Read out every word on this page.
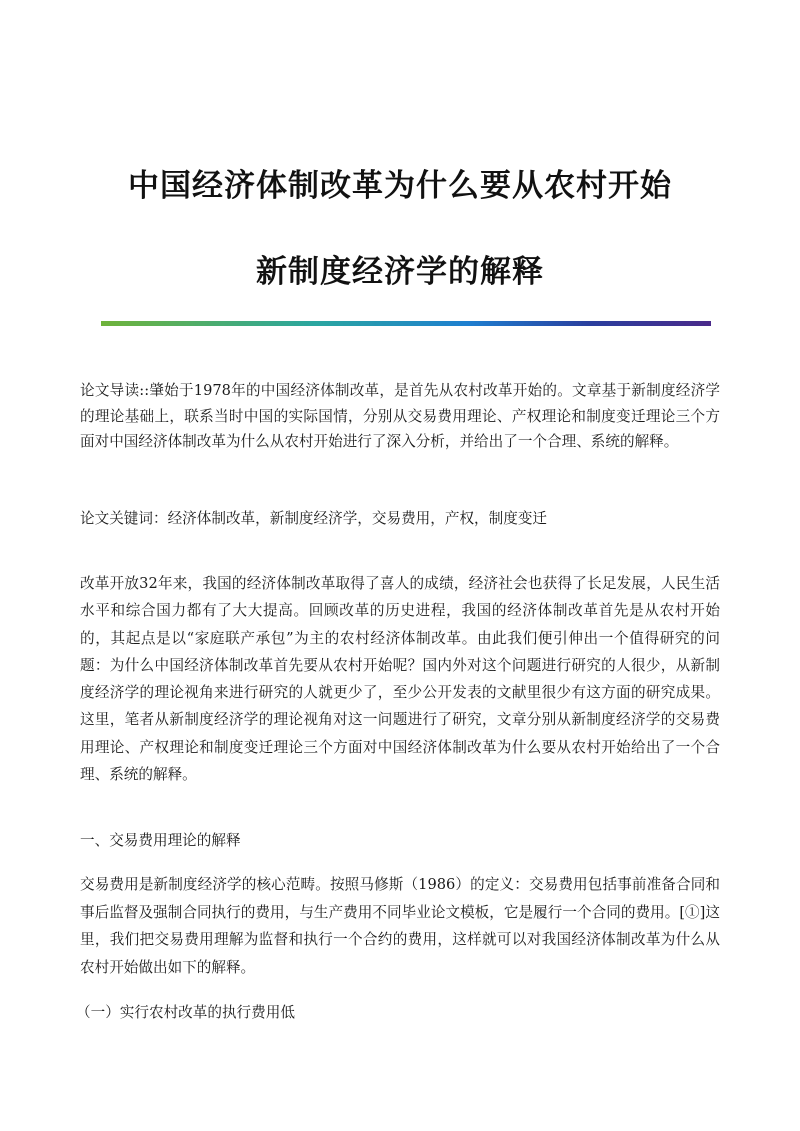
中国经济体制改革为什么要从农村开始
新制度经济学的解释
论文导读::肇始于1978年的中国经济体制改革，是首先从农村改革开始的。文章基于新制度经济学的理论基础上，联系当时中国的实际国情，分别从交易费用理论、产权理论和制度变迁理论三个方面对中国经济体制改革为什么从农村开始进行了深入分析，并给出了一个合理、系统的解释。
论文关键词：经济体制改革，新制度经济学，交易费用，产权，制度变迁
改革开放32年来，我国的经济体制改革取得了喜人的成绩，经济社会也获得了长足发展，人民生活水平和综合国力都有了大大提高。回顾改革的历史进程，我国的经济体制改革首先是从农村开始的，其起点是以“家庭联产承包”为主的农村经济体制改革。由此我们便引伸出一个值得研究的问题：为什么中国经济体制改革首先要从农村开始呢？国内外对这个问题进行研究的人很少，从新制度经济学的理论视角来进行研究的人就更少了，至少公开发表的文献里很少有这方面的研究成果。这里，笔者从新制度经济学的理论视角对这一问题进行了研究，文章分别从新制度经济学的交易费用理论、产权理论和制度变迁理论三个方面对中国经济体制改革为什么要从农村开始给出了一个合理、系统的解释。
一、交易费用理论的解释
交易费用是新制度经济学的核心范畴。按照马修斯（1986）的定义：交易费用包括事前准备合同和事后监督及强制合同执行的费用，与生产费用不同毕业论文模板，它是履行一个合同的费用。[①]这里，我们把交易费用理解为监督和执行一个合约的费用，这样就可以对我国经济体制改革为什么从农村开始做出如下的解释。
（一）实行农村改革的执行费用低
